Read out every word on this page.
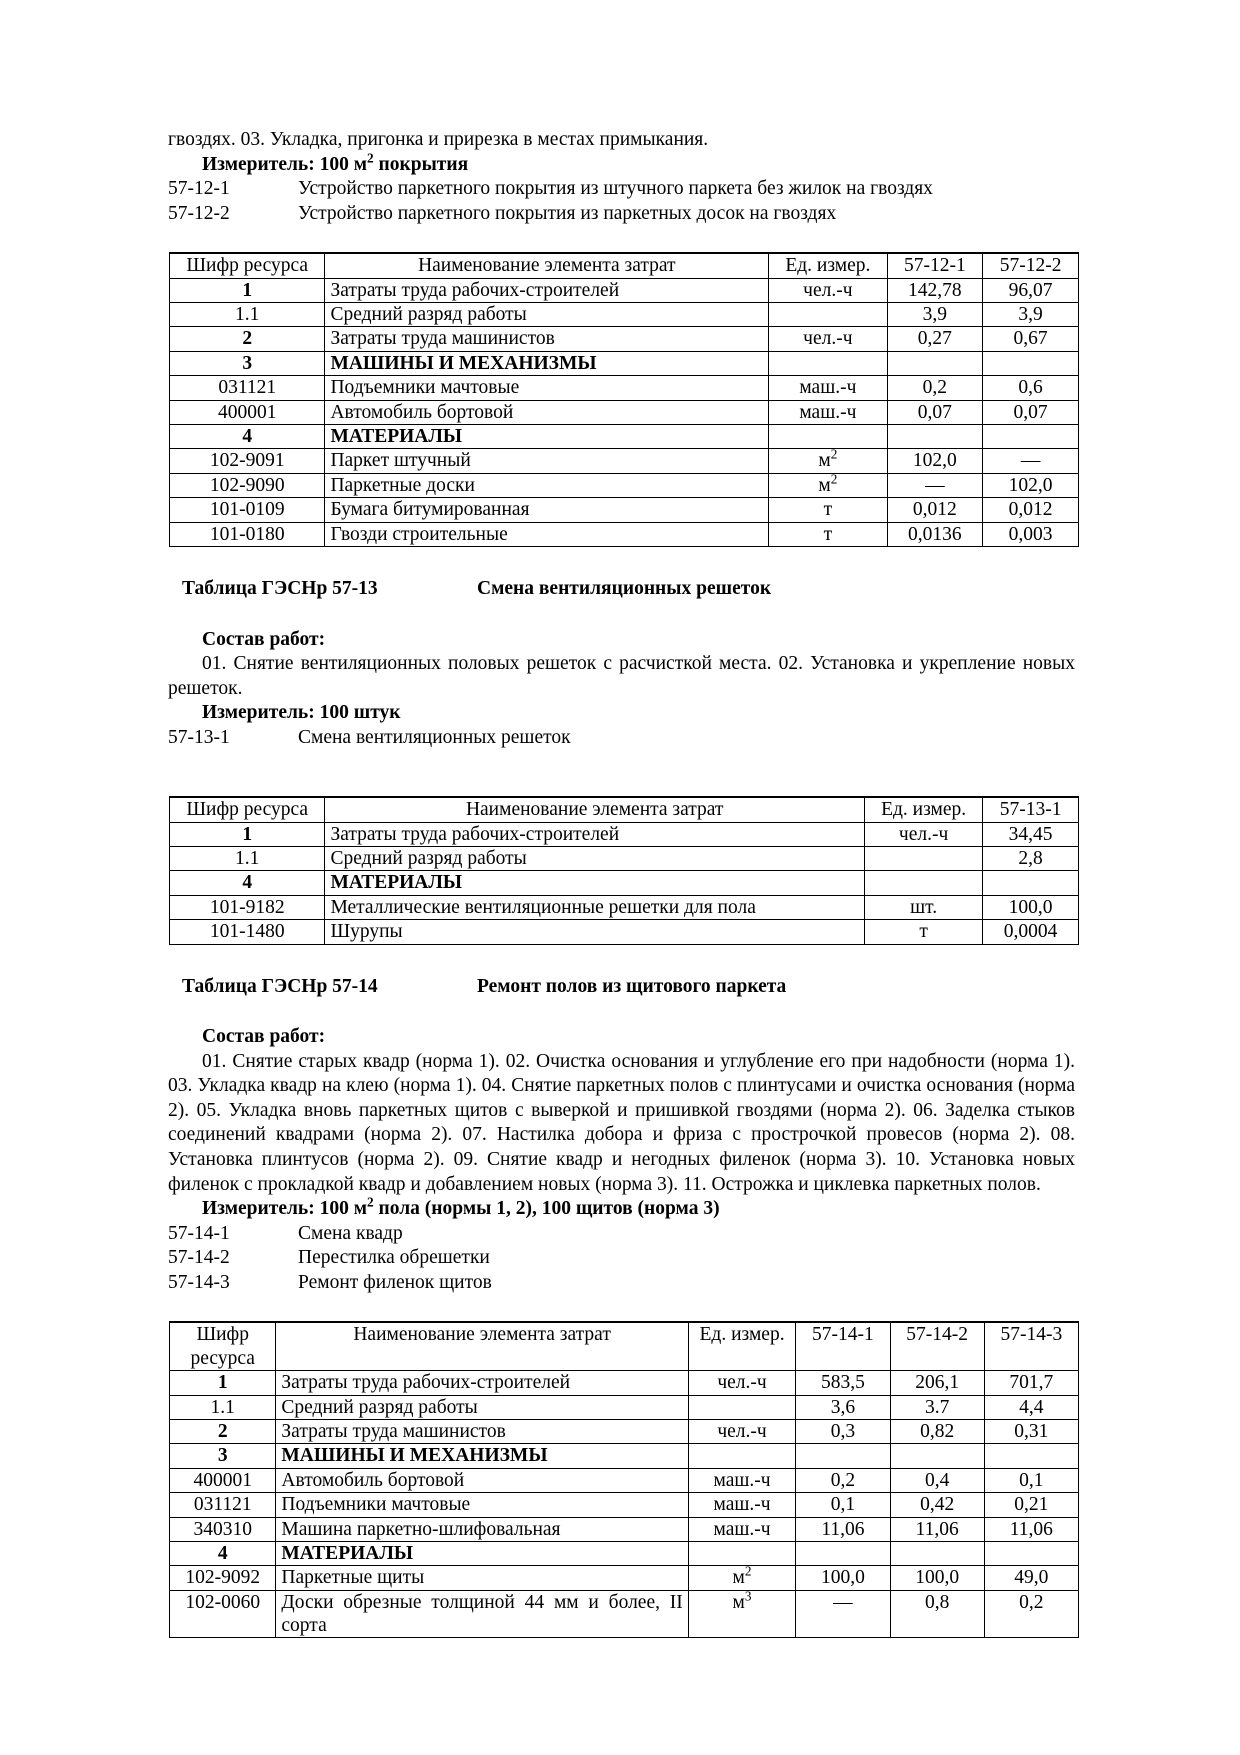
гвоздях. 03. Укладка, пригонка и прирезка в местах примыкания.

Измеритель: 100 $м^2$ покрытия

57-12-1	Устройство паркетного покрытия из штучного паркета без жилок на гвоздях
57-12-2	Устройство паркетного покрытия из паркетных досок на гвоздях
Шифр ресурса	Наименование элемента затрат	Ед. измер.	57-12-1	57-12-2
1	Затраты труда рабочих-строителей	чел.-ч	142,78	96,07
1.1	Средний разряд работы		3,9	3,9
2	Затраты труда машинистов	чел.-ч	0,27	0,67
3	МАШИНЫ И МЕХАНИЗМЫ			
031121	Подъемники мачтовые	маш.-ч	0,2	0,6
400001	Автомобиль бортовой	маш.-ч	0,07	0,07
4	МАТЕРИАЛЫ			
102-9091	Паркет штучный	$м^2$	102,0	—
102-9090	Паркетные доски	$м^2$	—	102,0
101-0109	Бумага битумированная	т	0,012	0,012
101-0180	Гвозди строительные	т	0,0136	0,003

Таблица ГЭСНр 57-13	Смена вентиляционных решеток

Состав работ:

01. Снятие вентиляционных половых решеток с расчисткой места. 02. Установка и укрепление новых решеток.

Измеритель: 100 штук

57-13-1	Смена вентиляционных решеток
Шифр ресурса	Наименование элемента затрат	Ед. измер.	57-13-1
1	Затраты труда рабочих-строителей	чел.-ч	34,45
1.1	Средний разряд работы		2,8
4	МАТЕРИАЛЫ		
101-9182	Металлические вентиляционные решетки для пола	шт.	100,0
101-1480	Шурупы	т	0,0004

Таблица ГЭСНр 57-14	Ремонт полов из щитового паркета

Состав работ:

01. Снятие старых квадр (норма 1). 02. Очистка основания и углубление его при надобности (норма 1). 03. Укладка квадр на клею (норма 1). 04. Снятие паркетных полов с плинтусами и очистка основания (норма 2). 05. Укладка вновь паркетных щитов с выверкой и пришивкой гвоздями (норма 2). 06. Заделка стыков соединений квадрами (норма 2). 07. Настилка добора и фриза с прострочкой провесов (норма 2). 08. Установка плинтусов (норма 2). 09. Снятие квадр и негодных филенок (норма 3). 10. Установка новых филенок с прокладкой квадр и добавлением новых (норма 3). 11. Острожка и циклевка паркетных полов.

Измеритель: 100 $м^2$ пола (нормы 1, 2), 100 щитов (норма 3)

57-14-1	Смена квадр
57-14-2	Перестилка обрешетки
57-14-3	Ремонт филенок щитов
Шифр ресурса	Наименование элемента затрат	Ед. измер.	57-14-1	57-14-2	57-14-3
1	Затраты труда рабочих-строителей	чел.-ч	583,5	206,1	701,7
1.1	Средний разряд работы		3,6	3.7	4,4
2	Затраты труда машинистов	чел.-ч	0,3	0,82	0,31
3	МАШИНЫ И МЕХАНИЗМЫ				
400001	Автомобиль бортовой	маш.-ч	0,2	0,4	0,1
031121	Подъемники мачтовые	маш.-ч	0,1	0,42	0,21
340310	Машина паркетно-шлифовальная	маш.-ч	11,06	11,06	11,06
4	МАТЕРИАЛЫ				
102-9092	Паркетные щиты	$м^2$	100,0	100,0	49,0
102-0060	Доски обрезные толщиной 44 мм и более, II сорта	$м^3$	—	0,8	0,2
